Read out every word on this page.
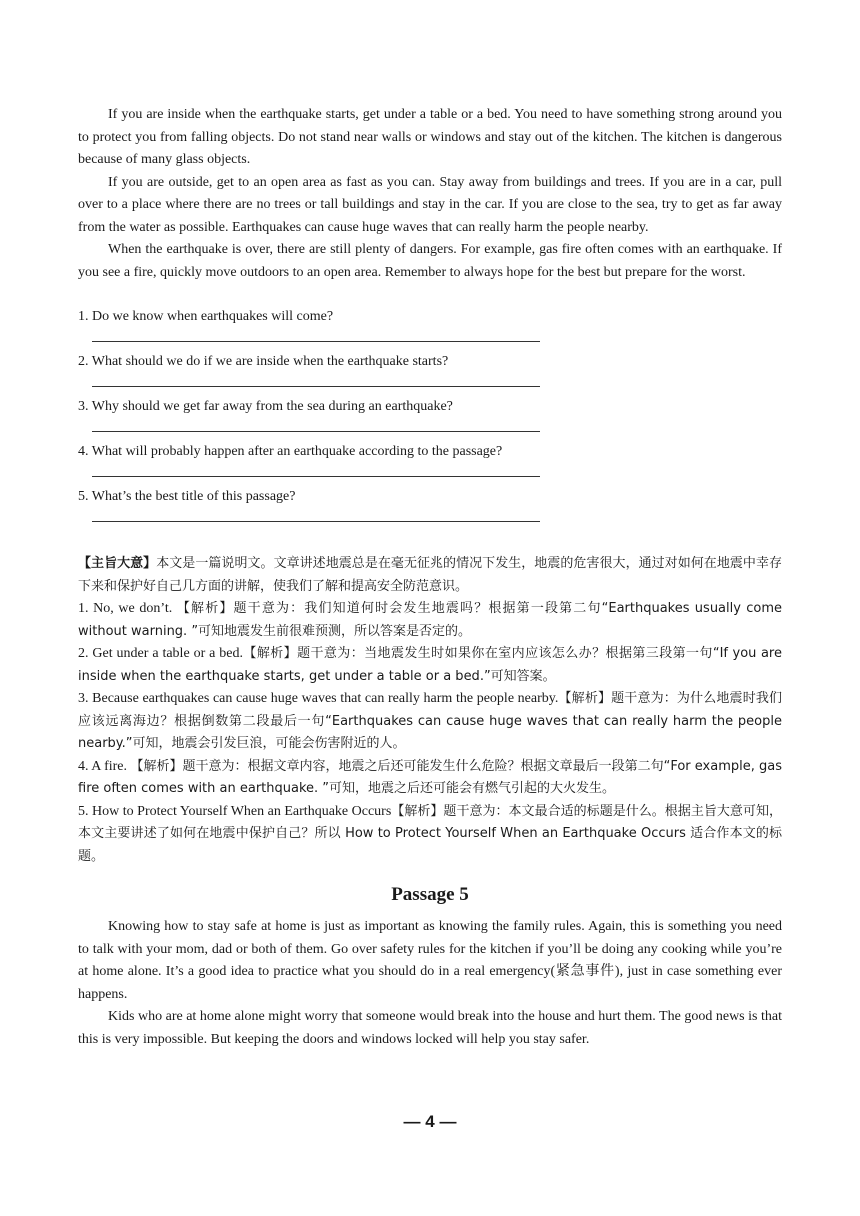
If you are inside when the earthquake starts, get under a table or a bed. You need to have something strong around you to protect you from falling objects. Do not stand near walls or windows and stay out of the kitchen. The kitchen is dangerous because of many glass objects.

If you are outside, get to an open area as fast as you can. Stay away from buildings and trees. If you are in a car, pull over to a place where there are no trees or tall buildings and stay in the car. If you are close to the sea, try to get as far away from the water as possible. Earthquakes can cause huge waves that can really harm the people nearby.

When the earthquake is over, there are still plenty of dangers. For example, gas fire often comes with an earthquake. If you see a fire, quickly move outdoors to an open area. Remember to always hope for the best but prepare for the worst.

1. Do we know when earthquakes will come?

2. What should we do if we are inside when the earthquake starts?

3. Why should we get far away from the sea during an earthquake?

4. What will probably happen after an earthquake according to the passage?

5. What’s the best title of this passage?

【主旨大意】本文是一篇说明文。文章讲述地震总是在毫无征兆的情况下发生，地震的危害很大，通过对如何在地震中幸存下来和保护好自己几方面的讲解，使我们了解和提高安全防范意识。

1. No, we don’t. 【解析】题干意为：我们知道何时会发生地震吗？根据第一段第二句“Earthquakes usually come without warning. ”可知地震发生前很难预测，所以答案是否定的。

2. Get under a table or a bed.【解析】题干意为：当地震发生时如果你在室内应该怎么办？根据第三段第一句“If you are inside when the earthquake starts, get under a table or a bed.”可知答案。

3. Because earthquakes can cause huge waves that can really harm the people nearby.【解析】题干意为：为什么地震时我们应该远离海边？根据倒数第二段最后一句“Earthquakes can cause huge waves that can really harm the people nearby.”可知，地震会引发巨浪，可能会伤害附近的人。

4. A fire. 【解析】题干意为：根据文章内容，地震之后还可能发生什么危险？根据文章最后一段第二句“For example, gas fire often comes with an earthquake. ”可知，地震之后还可能会有燃气引起的大火发生。

5. How to Protect Yourself When an Earthquake Occurs【解析】题干意为：本文最合适的标题是什么。根据主旨大意可知，本文主要讲述了如何在地震中保护自己？所以 How to Protect Yourself When an Earthquake Occurs 适合作本文的标题。

Passage 5

Knowing how to stay safe at home is just as important as knowing the family rules. Again, this is something you need to talk with your mom, dad or both of them. Go over safety rules for the kitchen if you’ll be doing any cooking while you’re at home alone. It’s a good idea to practice what you should do in a real emergency(紧急事件), just in case something ever happens.

Kids who are at home alone might worry that someone would break into the house and hurt them. The good news is that this is very impossible. But keeping the doors and windows locked will help you stay safer.

— 4 —
